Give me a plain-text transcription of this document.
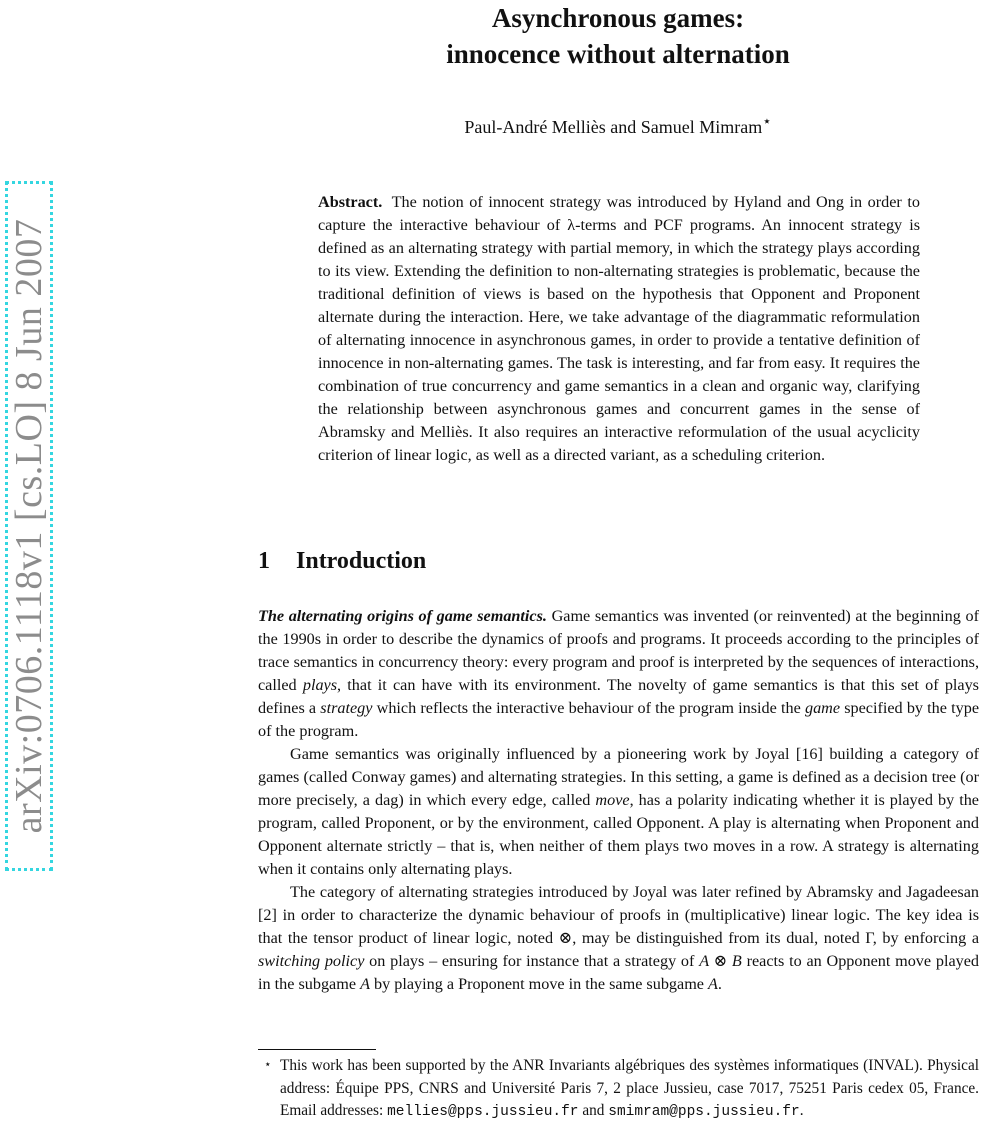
arXiv:0706.1118v1 [cs.LO] 8 Jun 2007
Asynchronous games:
innocence without alternation
Paul-André Melliès and Samuel Mimram⋆
Abstract. The notion of innocent strategy was introduced by Hyland and Ong in order to capture the interactive behaviour of λ-terms and PCF programs. An innocent strategy is defined as an alternating strategy with partial memory, in which the strategy plays according to its view. Extending the definition to non-alternating strategies is problematic, because the traditional definition of views is based on the hypothesis that Opponent and Proponent alternate during the interaction. Here, we take advantage of the diagrammatic reformulation of alternating innocence in asynchronous games, in order to provide a tentative definition of innocence in non-alternating games. The task is interesting, and far from easy. It requires the combination of true concurrency and game semantics in a clean and organic way, clarifying the relationship between asynchronous games and concurrent games in the sense of Abramsky and Melliès. It also requires an interactive reformulation of the usual acyclicity criterion of linear logic, as well as a directed variant, as a scheduling criterion.
1 Introduction

The alternating origins of game semantics. Game semantics was invented (or reinvented) at the beginning of the 1990s in order to describe the dynamics of proofs and programs. It proceeds according to the principles of trace semantics in concurrency theory: every program and proof is interpreted by the sequences of interactions, called plays, that it can have with its environment. The novelty of game semantics is that this set of plays defines a strategy which reflects the interactive behaviour of the program inside the game specified by the type of the program.

Game semantics was originally influenced by a pioneering work by Joyal [16] building a category of games (called Conway games) and alternating strategies. In this setting, a game is defined as a decision tree (or more precisely, a dag) in which every edge, called move, has a polarity indicating whether it is played by the program, called Proponent, or by the environment, called Opponent. A play is alternating when Proponent and Opponent alternate strictly – that is, when neither of them plays two moves in a row. A strategy is alternating when it contains only alternating plays.

The category of alternating strategies introduced by Joyal was later refined by Abramsky and Jagadeesan [2] in order to characterize the dynamic behaviour of proofs in (multiplicative) linear logic. The key idea is that the tensor product of linear logic, noted ⊗, may be distinguished from its dual, noted Γ, by enforcing a switching policy on plays – ensuring for instance that a strategy of A ⊗ B reacts to an Opponent move played in the subgame A by playing a Proponent move in the same subgame A.

⋆ This work has been supported by the ANR Invariants algébriques des systèmes informatiques (INVAL). Physical address: Équipe PPS, CNRS and Université Paris 7, 2 place Jussieu, case 7017, 75251 Paris cedex 05, France. Email addresses: mellies@pps.jussieu.fr and smimram@pps.jussieu.fr.
